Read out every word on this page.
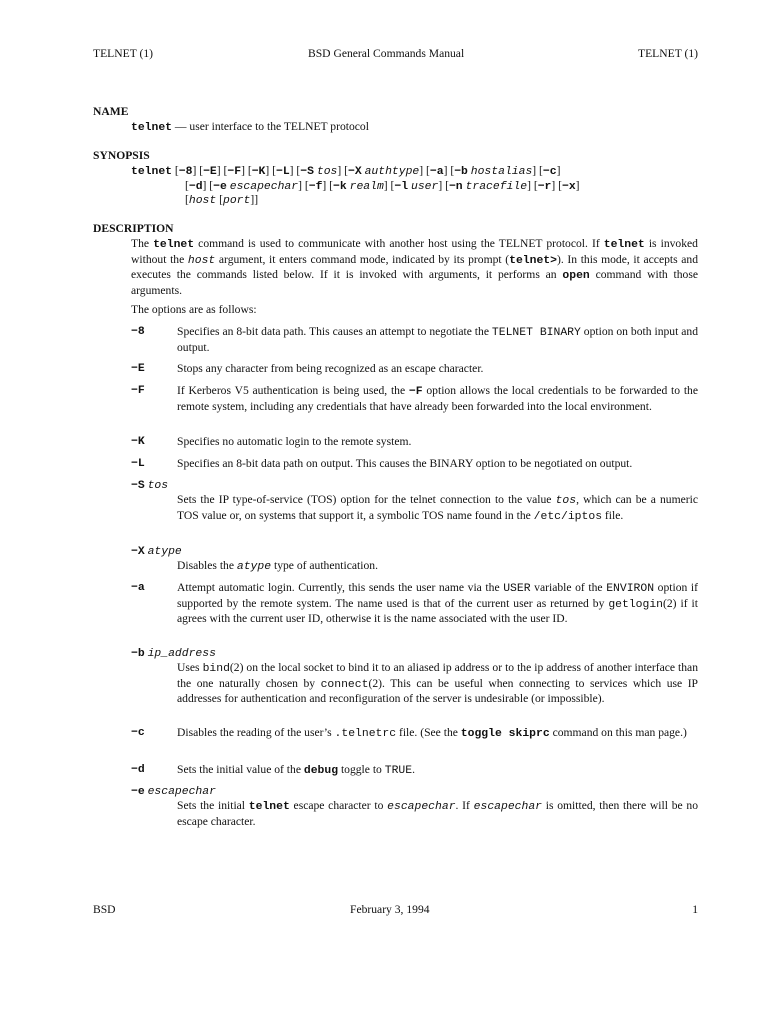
TELNET (1)	BSD General Commands Manual	TELNET (1)
NAME
telnet — user interface to the TELNET protocol
SYNOPSIS
telnet [−8] [−E] [−F] [−K] [−L] [−S tos] [−X authtype] [−a] [−b hostalias] [−c]
[−d] [−e escapechar] [−f] [−k realm] [−l user] [−n tracefile] [−r] [−x]
[host [port]]
DESCRIPTION

The telnet command is used to communicate with another host using the TELNET protocol. If telnet is invoked without the host argument, it enters command mode, indicated by its prompt (telnet>). In this mode, it accepts and executes the commands listed below. If it is invoked with arguments, it performs an open command with those arguments.

The options are as follows:

−8	Specifies an 8-bit data path. This causes an attempt to negotiate the TELNET BINARY option on both input and output.

−E	Stops any character from being recognized as an escape character.

−F	If Kerberos V5 authentication is being used, the −F option allows the local credentials to be forwarded to the remote system, including any credentials that have already been forwarded into the local environment.

−K	Specifies no automatic login to the remote system.

−L	Specifies an 8-bit data path on output. This causes the BINARY option to be negotiated on output.

−S tos

Sets the IP type-of-service (TOS) option for the telnet connection to the value tos, which can be a numeric TOS value or, on systems that support it, a symbolic TOS name found in the /etc/iptos file.

−X atype

Disables the atype type of authentication.

−a	Attempt automatic login. Currently, this sends the user name via the USER variable of the ENVIRON option if supported by the remote system. The name used is that of the current user as returned by getlogin(2) if it agrees with the current user ID, otherwise it is the name associated with the user ID.

−b ip_address

Uses bind(2) on the local socket to bind it to an aliased ip address or to the ip address of another interface than the one naturally chosen by connect(2). This can be useful when connecting to services which use IP addresses for authentication and reconfiguration of the server is undesirable (or impossible).

−c	Disables the reading of the user’s .telnetrc file. (See the toggle skiprc command on this man page.)

−d	Sets the initial value of the debug toggle to TRUE.

−e escapechar

Sets the initial telnet escape character to escapechar. If escapechar is omitted, then there will be no escape character.

BSD	February 3, 1994	1
